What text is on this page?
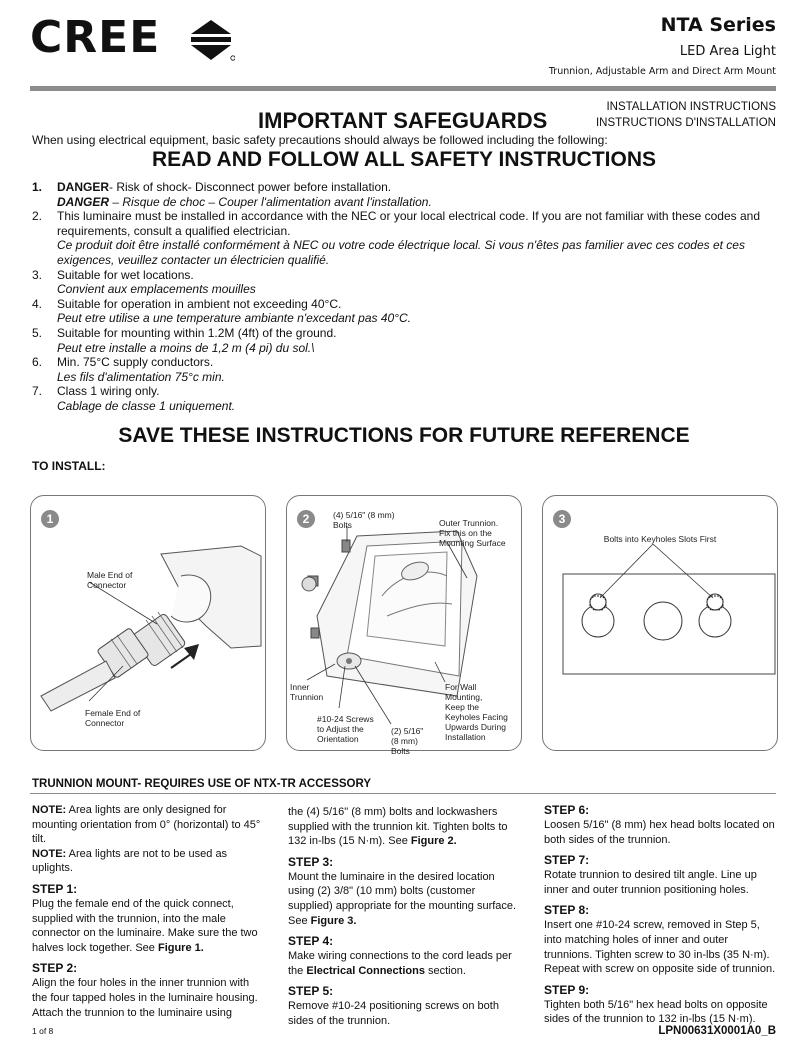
CREE	NTA Series
LED Area Light
Trunnion, Adjustable Arm and Direct Arm Mount
IMPORTANT SAFEGUARDS
INSTALLATION INSTRUCTIONS
INSTRUCTIONS D'INSTALLATION
When using electrical equipment, basic safety precautions should always be followed including the following:
READ AND FOLLOW ALL SAFETY INSTRUCTIONS
1. DANGER- Risk of shock- Disconnect power before installation.
DANGER – Risque de choc – Couper l'alimentation avant l'installation.
2. This luminaire must be installed in accordance with the NEC or your local electrical code. If you are not familiar with these codes and requirements, consult a qualified electrician.
Ce produit doit être installé conformément à NEC ou votre code électrique local. Si vous n'êtes pas familier avec ces codes et ces exigences, veuillez contacter un électricien qualifié.
3. Suitable for wet locations.
Convient aux emplacements mouilles
4. Suitable for operation in ambient not exceeding 40°C.
Peut etre utilise a une temperature ambiante n'excedant pas 40°C.
5. Suitable for mounting within 1.2M (4ft) of the ground.
Peut etre installe a moins de 1,2 m (4 pi) du sol.\
6. Min. 75°C supply conductors.
Les fils d'alimentation 75°c min.
7. Class 1 wiring only.
Cablage de classe 1 uniquement.
SAVE THESE INSTRUCTIONS FOR FUTURE REFERENCE
TO INSTALL:
1
Male End of
Connector
Female End of
Connector
2	(4) 5/16" (8 mm)
Bolts	Outer Trunnion.
Fix this on the
Mounting Surface
Inner
Trunnion
#10-24 Screws
to Adjust the
Orientation
(2) 5/16"
(8 mm)
Bolts
For Wall
Mounting,
Keep the
Keyholes Facing
Upwards During
Installation
3
Bolts into Keyholes Slots First
TRUNNION MOUNT- REQUIRES USE OF NTX-TR ACCESSORY

NOTE: Area lights are only designed for mounting orientation from 0° (horizontal) to 45° tilt.

NOTE: Area lights are not to be used as uplights.

STEP 1:

Plug the female end of the quick connect, supplied with the trunnion, into the male connector on the luminaire. Make sure the two halves lock together. See Figure 1.

STEP 2:

Align the four holes in the inner trunnion with the four tapped holes in the luminaire housing. Attach the trunnion to the luminaire using

the (4) 5/16" (8 mm) bolts and lockwashers supplied with the trunnion kit. Tighten bolts to 132 in-lbs (15 N·m). See Figure 2.

STEP 3:

Mount the luminaire in the desired location using (2) 3/8" (10 mm) bolts (customer supplied) appropriate for the mounting surface. See Figure 3.

STEP 4:

Make wiring connections to the cord leads per the Electrical Connections section.

STEP 5:

Remove #10-24 positioning screws on both sides of the trunnion.

STEP 6:

Loosen 5/16" (8 mm) hex head bolts located on both sides of the trunnion.

STEP 7:

Rotate trunnion to desired tilt angle. Line up inner and outer trunnion positioning holes.

STEP 8:

Insert one #10-24 screw, removed in Step 5, into matching holes of inner and outer trunnions. Tighten screw to 30 in-lbs (35 N·m). Repeat with screw on opposite side of trunnion.

STEP 9:

Tighten both 5/16" hex head bolts on opposite sides of the trunnion to 132 in-lbs (15 N·m).

1 of 8	LPN00631X0001A0_B
